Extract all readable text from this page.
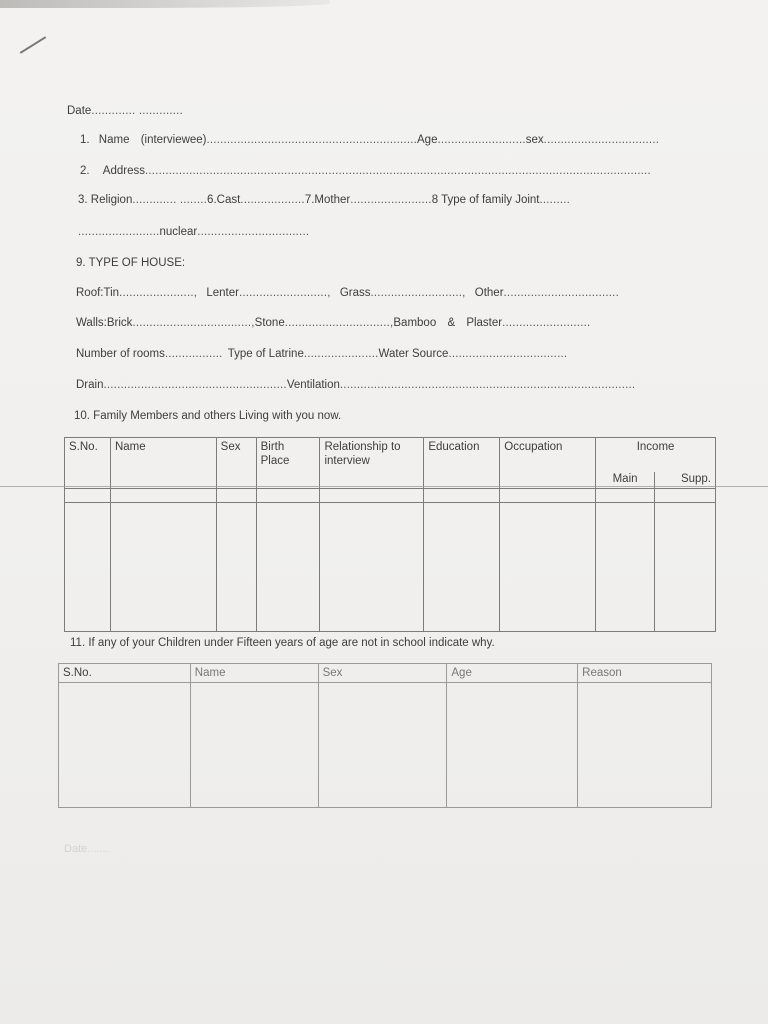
Date............. .............
1. Name (interviewee)..............................................................Age..........................sex..................................
2. Address.....................................................................................................................................................
3. Religion............. ........6.Cast...................7.Mother........................8 Type of family Joint.........
........................nuclear.................................
9. TYPE OF HOUSE:
Roof:Tin......................, Lenter.........................., Grass..........................., Other..................................
Walls:Brick...................................,Stone...............................,Bamboo & Plaster..........................
Number of rooms................. Type of Latrine......................Water Source...................................
Drain......................................................Ventilation.......................................................................................
10. Family Members and others Living with you now.
S.No.	Name	Sex	Birth Place	Relationship to interview	Education	Occupation	Income	
							Main	Supp.

11. If any of your Children under Fifteen years of age are not in school indicate why.
S.No.	Name	Sex	Age	Reason

Date.......
